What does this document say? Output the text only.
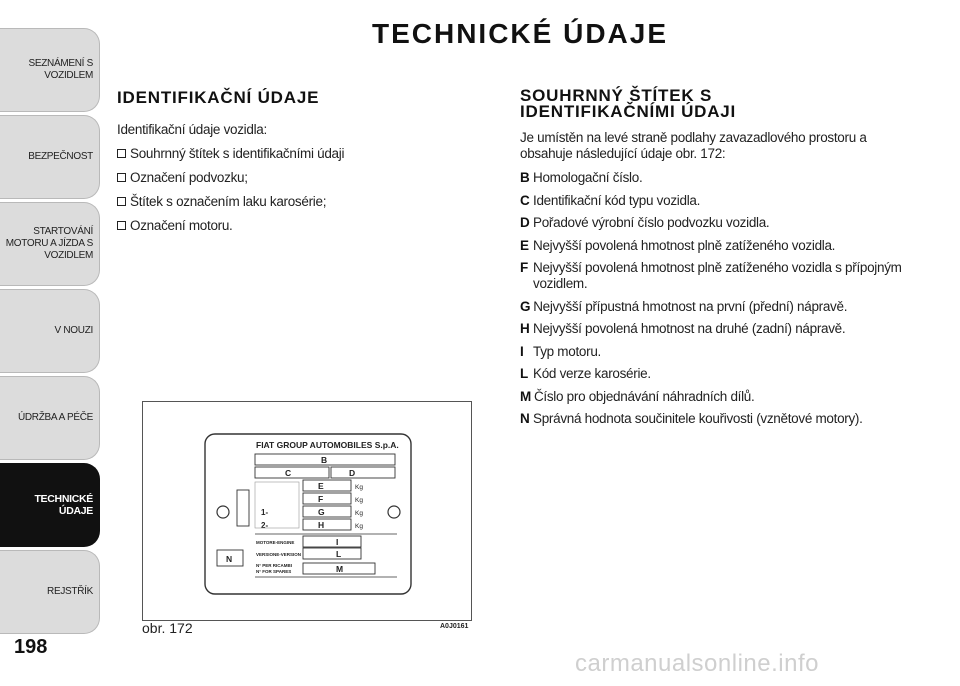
SEZNÁMENÍ S
VOZIDLEM
BEZPEČNOST
STARTOVÁNÍ
MOTORU A JÍZDA S
VOZIDLEM
V NOUZI
ÚDRŽBA A PÉČE
TECHNICKÉ ÚDAJE
REJSTŘÍK
198
TECHNICKÉ ÚDAJE
IDENTIFIKAČNÍ ÚDAJE
Identifikační údaje vozidla:
Souhrnný štítek s identifikačními údaji
Označení podvozku;
Štítek s označením laku karosérie;
Označení motoru.
SOUHRNNÝ ŠTÍTEK S
IDENTIFIKAČNÍMI ÚDAJI
Je umístěn na levé straně podlahy zavazadlového prostoru a obsahuje následující údaje obr. 172:
B Homologační číslo.
C Identifikační kód typu vozidla.
D Pořadové výrobní číslo podvozku vozidla.
E Nejvyšší povolená hmotnost plně zatíženého vozidla.
F Nejvyšší povolená hmotnost plně zatíženého vozidla s přípojným vozidlem.
G Nejvyšší přípustná hmotnost na první (přední) nápravě.
H Nejvyšší povolená hmotnost na druhé (zadní) nápravě.
I Typ motoru.
L Kód verze karosérie.
M Číslo pro objednávání náhradních dílů.
N Správná hodnota součinitele kouřivosti (vznětové motory).
FIAT GROUP AUTOMOBILES S.p.A.
B
C	D
E	Kg
F	Kg
1-	G	Kg
2-	H	Kg
MOTORE-ENGINE	I
VERSIONE-VERSION	L
N° PER RICAMBI
N° FOR SPARES	M
N
obr. 172	A0J0161
carmanualsonline.info
